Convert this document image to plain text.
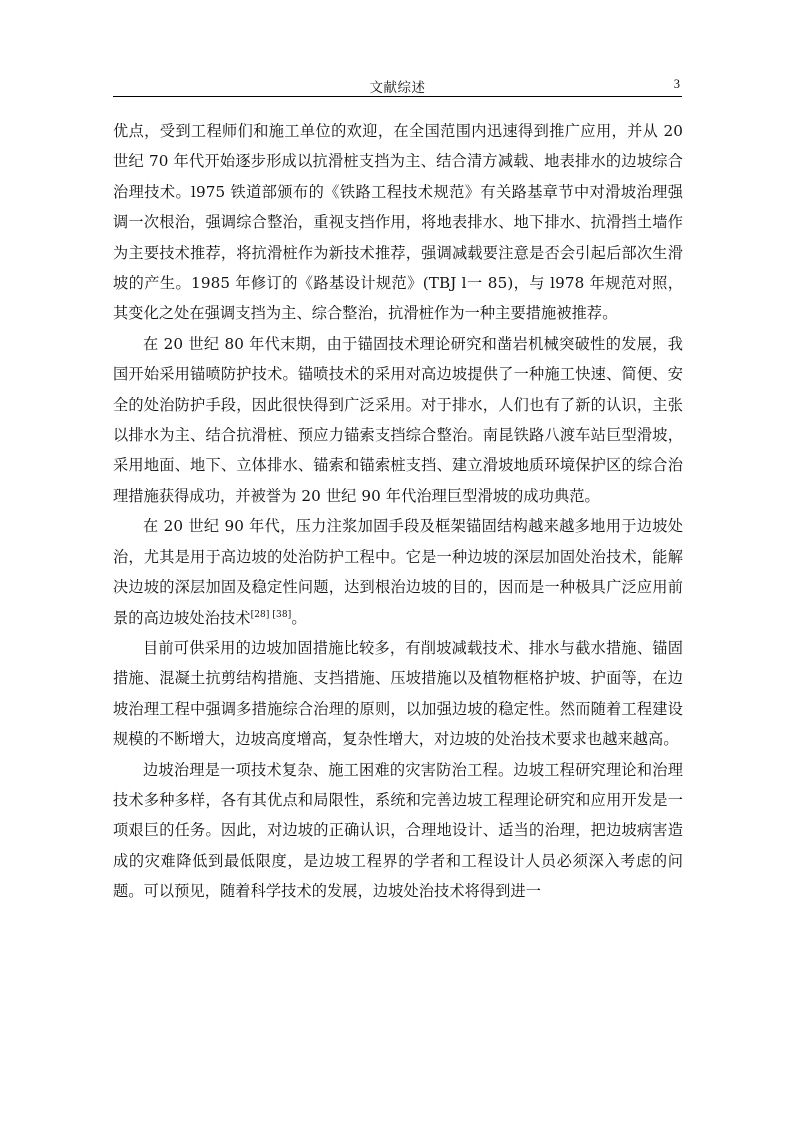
文献综述	3

优点，受到工程师们和施工单位的欢迎，在全国范围内迅速得到推广应用，并从 20 世纪 70 年代开始逐步形成以抗滑桩支挡为主、结合清方减载、地表排水的边坡综合治理技术。l975 铁道部颁布的《铁路工程技术规范》有关路基章节中对滑坡治理强调一次根治，强调综合整治，重视支挡作用，将地表排水、地下排水、抗滑挡土墙作为主要技术推荐，将抗滑桩作为新技术推荐，强调减载要注意是否会引起后部次生滑坡的产生。1985 年修订的《路基设计规范》(TBJ l一 85)，与 l978 年规范对照，其变化之处在强调支挡为主、综合整治，抗滑桩作为一种主要措施被推荐。

在 20 世纪 80 年代末期，由于锚固技术理论研究和凿岩机械突破性的发展，我国开始采用锚喷防护技术。锚喷技术的采用对高边坡提供了一种施工快速、简便、安全的处治防护手段，因此很快得到广泛采用。对于排水，人们也有了新的认识，主张以排水为主、结合抗滑桩、预应力锚索支挡综合整治。南昆铁路八渡车站巨型滑坡，采用地面、地下、立体排水、锚索和锚索桩支挡、建立滑坡地质环境保护区的综合治理措施获得成功，并被誉为 20 世纪 90 年代治理巨型滑坡的成功典范。

在 20 世纪 90 年代，压力注浆加固手段及框架锚固结构越来越多地用于边坡处治，尤其是用于高边坡的处治防护工程中。它是一种边坡的深层加固处治技术，能解决边坡的深层加固及稳定性问题，达到根治边坡的目的，因而是一种极具广泛应用前景的高边坡处治技术[28] [38]。

目前可供采用的边坡加固措施比较多，有削坡减载技术、排水与截水措施、锚固措施、混凝土抗剪结构措施、支挡措施、压坡措施以及植物框格护坡、护面等，在边坡治理工程中强调多措施综合治理的原则，以加强边坡的稳定性。然而随着工程建设规模的不断增大，边坡高度增高，复杂性增大，对边坡的处治技术要求也越来越高。

边坡治理是一项技术复杂、施工困难的灾害防治工程。边坡工程研究理论和治理技术多种多样，各有其优点和局限性，系统和完善边坡工程理论研究和应用开发是一项艰巨的任务。因此，对边坡的正确认识，合理地设计、适当的治理，把边坡病害造成的灾难降低到最低限度，是边坡工程界的学者和工程设计人员必须深入考虑的问题。可以预见，随着科学技术的发展，边坡处治技术将得到进一
